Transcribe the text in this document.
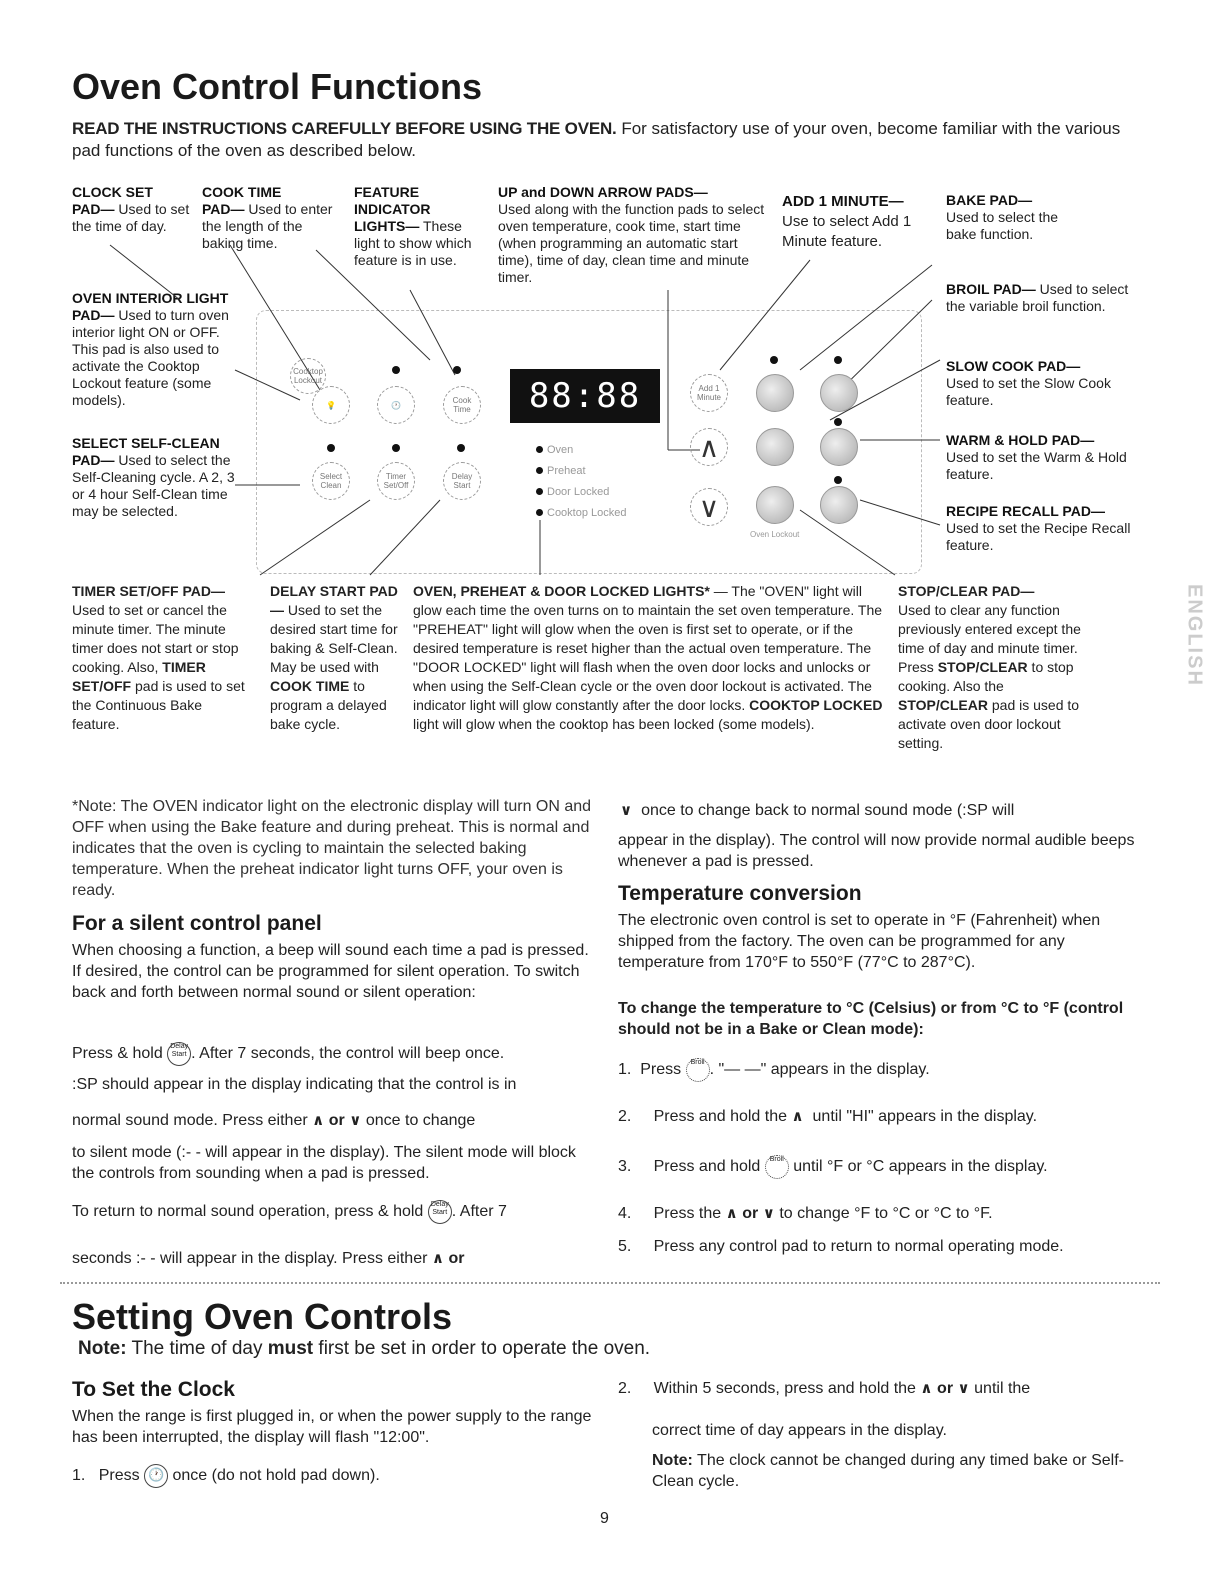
Oven Control Functions
READ THE INSTRUCTIONS CAREFULLY BEFORE USING THE OVEN. For satisfactory use of your oven, become familiar with the various pad functions of the oven as described below.
CLOCK SET
PAD— Used to set the time of day.
COOK TIME
PAD— Used to enter the length of the baking time.
FEATURE INDICATOR LIGHTS— These light to show which feature is in use.
UP and DOWN ARROW PADS—
Used along with the function pads to select oven temperature, cook time, start time (when programming an automatic start time), time of day, clean time and minute timer.
ADD 1 MINUTE—
Use to select Add 1 Minute feature.
BAKE PAD—
Used to select the bake function.
BROIL PAD— Used to select the variable broil function.
SLOW COOK PAD—
Used to set the Slow Cook feature.
WARM & HOLD PAD—
Used to set the Warm & Hold feature.
RECIPE RECALL PAD—
Used to set the Recipe Recall feature.
OVEN INTERIOR LIGHT PAD— Used to turn oven interior light ON or OFF. This pad is also used to activate the Cooktop Lockout feature (some models).
SELECT SELF-CLEAN PAD— Used to select the Self-Cleaning cycle. A 2, 3 or 4 hour Self-Clean time may be selected.
88:88
Cooktop Lockout
💡	🕐	Cook Time
Select Clean
Timer Set/Off
Delay Start
Add 1 Minute
∧
∨
Oven Lockout
Oven
Preheat
Door Locked
Cooktop Locked
TIMER SET/OFF PAD— Used to set or cancel the minute timer. The minute timer does not start or stop cooking. Also, TIMER SET/OFF pad is used to set the Continuous Bake feature.
DELAY START PAD— Used to set the desired start time for baking & Self-Clean. May be used with COOK TIME to program a delayed bake cycle.
OVEN, PREHEAT & DOOR LOCKED LIGHTS* — The "OVEN" light will glow each time the oven turns on to maintain the set oven temperature. The "PREHEAT" light will glow when the oven is first set to operate, or if the desired temperature is reset higher than the actual oven temperature. The "DOOR LOCKED" light will flash when the oven door locks and unlocks or when using the Self-Clean cycle or the oven door lockout is activated. The indicator light will glow constantly after the door locks. COOKTOP LOCKED light will glow when the cooktop has been locked (some models).
STOP/CLEAR PAD—
Used to clear any function previously entered except the time of day and minute timer. Press STOP/CLEAR to stop cooking. Also the STOP/CLEAR pad is used to activate oven door lockout setting.
*Note: The OVEN indicator light on the electronic display will turn ON and OFF when using the Bake feature and during preheat. This is normal and indicates that the oven is cycling to maintain the selected baking temperature. When the preheat indicator light turns OFF, your oven is ready.
For a silent control panel
When choosing a function, a beep will sound each time a pad is pressed. If desired, the control can be programmed for silent operation. To switch back and forth between normal sound or silent operation:
Press & hold Delay
Start . After 7 seconds, the control will beep once.
:SP should appear in the display indicating that the control is in
normal sound mode. Press either ∧ or ∨ once to change
to silent mode (:- - will appear in the display). The silent mode will block the controls from sounding when a pad is pressed.
To return to normal sound operation, press & hold Delay
Start . After 7
seconds :- - will appear in the display. Press either ∧ or
∨ once to change back to normal sound mode (:SP will
appear in the display). The control will now provide normal audible beeps whenever a pad is pressed.
Temperature conversion
The electronic oven control is set to operate in °F (Fahrenheit) when shipped from the factory. The oven can be programmed for any temperature from 170°F to 550°F (77°C to 287°C).
To change the temperature to °C (Celsius) or from °C to °F (control should not be in a Bake or Clean mode):
1.  Press Broil . "— —" appears in the display.
2.     Press and hold the ∧ until "HI" appears in the display.
3.     Press and hold Broil until °F or °C appears in the display.
4.     Press the ∧ or ∨ to change °F to °C or °C to °F.
5.     Press any control pad to return to normal operating mode.
Setting Oven Controls
Note: The time of day must first be set in order to operate the oven.
To Set the Clock
When the range is first plugged in, or when the power supply to the range has been interrupted, the display will flash "12:00".
1.   Press 🕐 once (do not hold pad down).
2.     Within 5 seconds, press and hold the ∧ or ∨ until the
correct time of day appears in the display.
Note: The clock cannot be changed during any timed bake or Self-Clean cycle.
9
ENGLISH
